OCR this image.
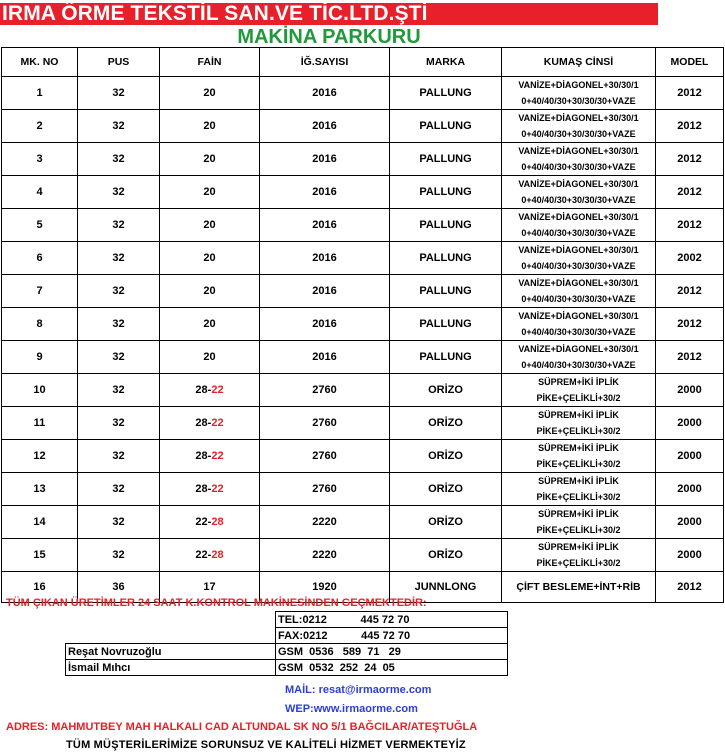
IRMA ÖRME TEKSTİL SAN.VE TİC.LTD.ŞTİ
MAKİNA PARKURU
MK. NO	PUS	FAİN	İĞ.SAYISI	MARKA	KUMAŞ CİNSİ	MODEL
1	32	20	2016	PALLUNG	VANİZE+DİAGONEL+30/30/1
0+40/40/30+30/30/30+VAZE	2012
2	32	20	2016	PALLUNG	VANİZE+DİAGONEL+30/30/1
0+40/40/30+30/30/30+VAZE	2012
3	32	20	2016	PALLUNG	VANİZE+DİAGONEL+30/30/1
0+40/40/30+30/30/30+VAZE	2012
4	32	20	2016	PALLUNG	VANİZE+DİAGONEL+30/30/1
0+40/40/30+30/30/30+VAZE	2012
5	32	20	2016	PALLUNG	VANİZE+DİAGONEL+30/30/1
0+40/40/30+30/30/30+VAZE	2012
6	32	20	2016	PALLUNG	VANİZE+DİAGONEL+30/30/1
0+40/40/30+30/30/30+VAZE	2002
7	32	20	2016	PALLUNG	VANİZE+DİAGONEL+30/30/1
0+40/40/30+30/30/30+VAZE	2012
8	32	20	2016	PALLUNG	VANİZE+DİAGONEL+30/30/1
0+40/40/30+30/30/30+VAZE	2012
9	32	20	2016	PALLUNG	VANİZE+DİAGONEL+30/30/1
0+40/40/30+30/30/30+VAZE	2012
10	32	28-22	2760	ORİZO	SÜPREM+İKİ İPLİK
PİKE+ÇELİKLİ+30/2	2000
11	32	28-22	2760	ORİZO	SÜPREM+İKİ İPLİK
PİKE+ÇELİKLİ+30/2	2000
12	32	28-22	2760	ORİZO	SÜPREM+İKİ İPLİK
PİKE+ÇELİKLİ+30/2	2000
13	32	28-22	2760	ORİZO	SÜPREM+İKİ İPLİK
PİKE+ÇELİKLİ+30/2	2000
14	32	22-28	2220	ORİZO	SÜPREM+İKİ İPLİK
PİKE+ÇELİKLİ+30/2	2000
15	32	22-28	2220	ORİZO	SÜPREM+İKİ İPLİK
PİKE+ÇELİKLİ+30/2	2000
16	36	17	1920	JUNNLONG	ÇİFT BESLEME+İNT+RİB	2012
TÜM ÇIKAN ÜRETİMLER 24 SAAT K.KONTROL MAKİNESİNDEN GEÇMEKTEDİR:
	TEL:0212           445 72 70
	FAX:0212           445 72 70
Reşat Novruzoğlu	GSM  0536   589  71   29
İsmail Mıhcı	GSM  0532  252  24  05
MAİL: resat@irmaorme.com
WEP:www.irmaorme.com
ADRES: MAHMUTBEY MAH HALKALI CAD ALTUNDAL SK NO 5/1 BAĞCILAR/ATEŞTUĞLA
TÜM MÜŞTERİLERİMİZE SORUNSUZ VE KALİTELİ HİZMET VERMEKTEYİZ
